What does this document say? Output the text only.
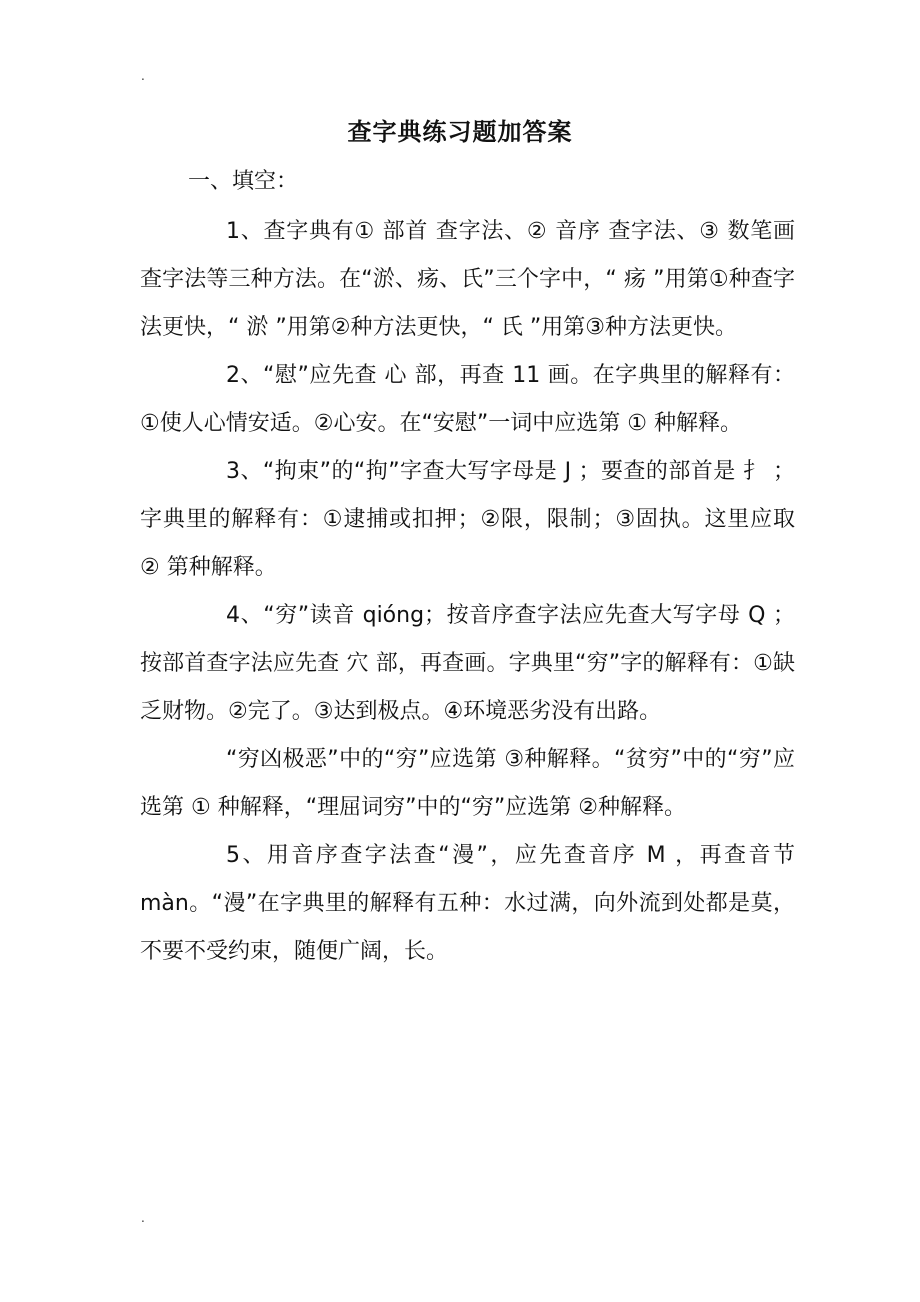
.
查字典练习题加答案
一、填空：

1、查字典有① 部首 查字法、② 音序 查字法、③ 数笔画 查字法等三种方法。在“淤、疡、氏”三个字中，“ 疡 ”用第①种查字法更快，“ 淤 ”用第②种方法更快，“ 氏 ”用第③种方法更快。

2、“慰”应先查 心 部，再查 11 画。在字典里的解释有：①使人心情安适。②心安。在“安慰”一词中应选第 ① 种解释。

3、“拘束”的“拘”字查大写字母是 J ；要查的部首是 扌 ；字典里的解释有：①逮捕或扣押；②限，限制；③固执。这里应取 ② 第种解释。

4、“穷”读音 qióng；按音序查字法应先查大写字母 Q ；按部首查字法应先查 穴 部，再查画。字典里“穷”字的解释有：①缺乏财物。②完了。③达到极点。④环境恶劣没有出路。

“穷凶极恶”中的“穷”应选第 ③种解释。“贫穷”中的“穷”应选第 ① 种解释，“理屈词穷”中的“穷”应选第 ②种解释。

5、用音序查字法查“漫”，应先查音序 M ，再查音节 màn。“漫”在字典里的解释有五种：水过满，向外流到处都是莫，不要不受约束，随便广阔，长。

.
